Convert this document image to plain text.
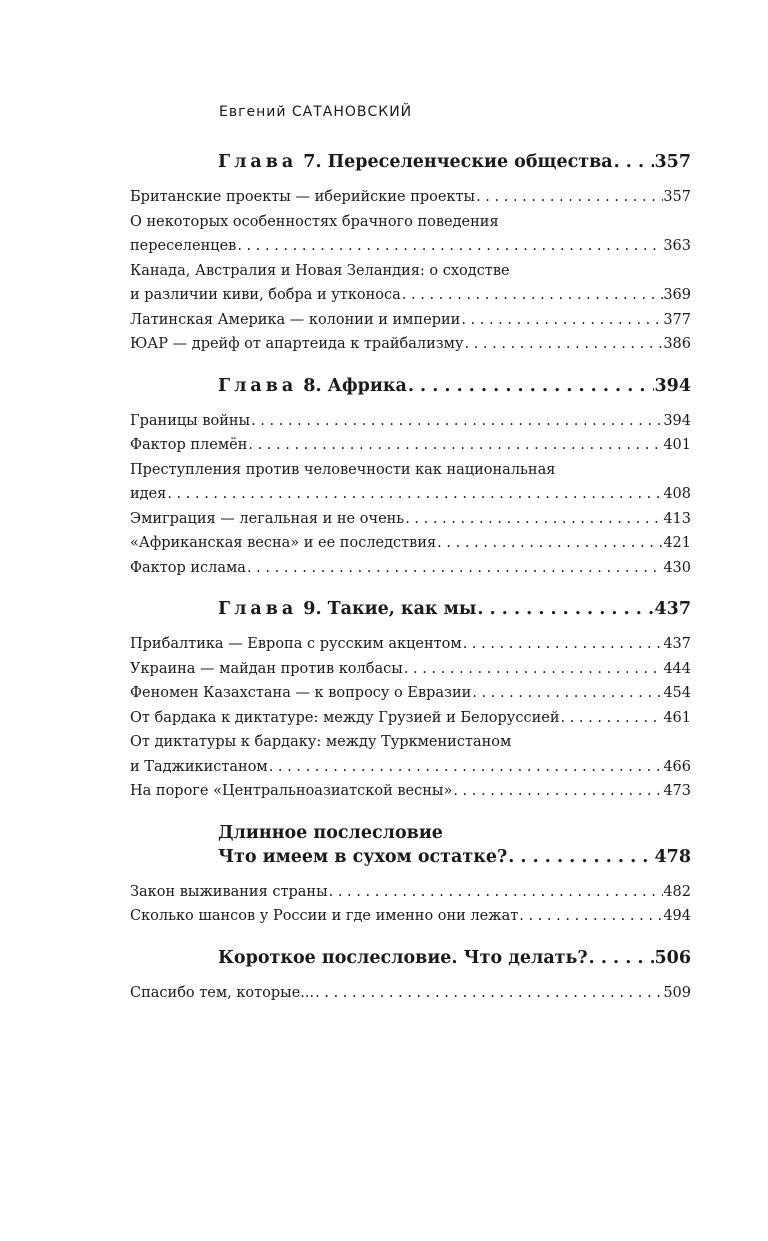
Евгений САТАНОВСКИЙ
Глава 7. Переселенческие общества . . . 357
Британские проекты — иберийские проекты . . .	357
О некоторых особенностях брачного поведения
переселенцев . . .	363
Канада, Австралия и Новая Зеландия: о сходстве
и различии киви, бобра и утконоса . . .	369
Латинская Америка — колонии и империи . . .	377
ЮАР — дрейф от апартеида к трайбализму . . .	386
Глава 8. Африка . . .	394
Границы войны . . .	394
Фактор племён . . .	401
Преступления против человечности как национальная
идея . . .	408
Эмиграция — легальная и не очень . . .	413
«Африканская весна» и ее последствия . . .	421
Фактор ислама . . .	430
Глава 9. Такие, как мы . . .	437
Прибалтика — Европа с русским акцентом . . .	437
Украина — майдан против колбасы . . .	444
Феномен Казахстана — к вопросу о Евразии . . .	454
От бардака к диктатуре: между Грузией и Белоруссией . . .	461
От диктатуры к бардаку: между Туркменистаном
и Таджикистаном . . .	466
На пороге «Центральноазиатской весны» . . .	473
Длинное послесловие
Что имеем в сухом остатке? . . .	478
Закон выживания страны . . .	482
Сколько шансов у России и где именно они лежат . . .	494
Короткое послесловие. Что делать? . . .	506
Спасибо тем, которые... . . .	509
